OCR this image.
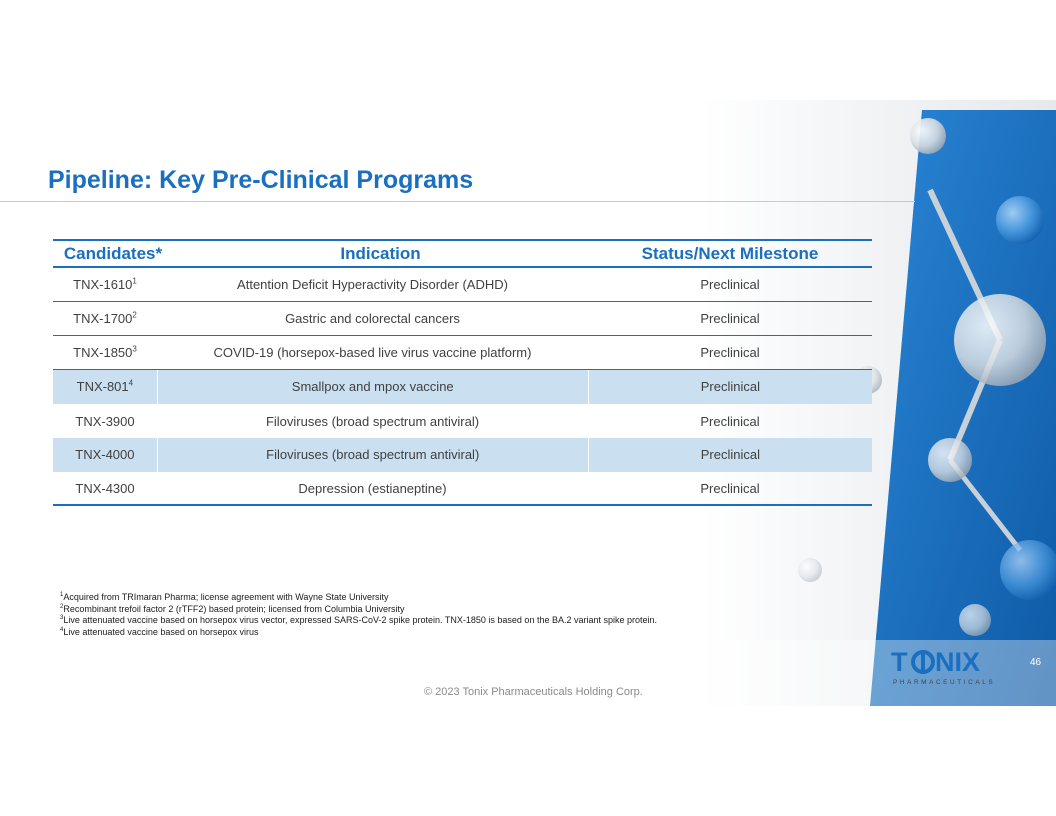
Pipeline: Key Pre-Clinical Programs
Candidates*	Indication	Status/Next Milestone
TNX-1610$^1$	Attention Deficit Hyperactivity Disorder (ADHD)	Preclinical
TNX-1700$^2$	Gastric and colorectal cancers	Preclinical
TNX-1850$^3$	COVID-19 (horsepox-based live virus vaccine platform)	Preclinical
TNX-$801^4$	Smallpox and mpox vaccine	Preclinical
TNX-3900	Filoviruses (broad spectrum antiviral)	Preclinical
TNX-4000	Filoviruses (broad spectrum antiviral)	Preclinical
TNX-4300	Depression (estianeptine)	Preclinical
$^1$Acquired from TRImaran Pharma; license agreement with Wayne State University
$^2$Recombinant trefoil factor 2 (rTFF2) based protein; licensed from Columbia University
$^3$Live attenuated vaccine based on horsepox virus vector, expressed SARS-CoV-2 spike protein. TNX-1850 is based on the BA.2 variant spike protein.
$^4$Live attenuated vaccine based on horsepox virus
T NIX
PHARMACEUTICALS
46
© 2023 Tonix Pharmaceuticals Holding Corp.
